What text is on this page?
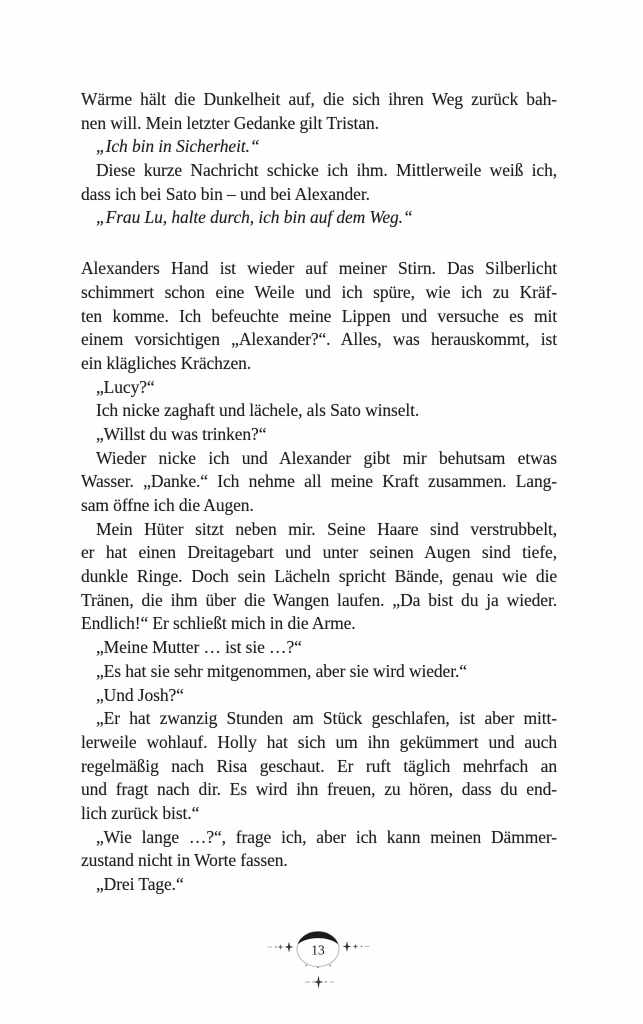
Wärme hält die Dunkelheit auf, die sich ihren Weg zurück bah-
nen will. Mein letzter Gedanke gilt Tristan.
„Ich bin in Sicherheit.“
Diese kurze Nachricht schicke ich ihm. Mittlerweile weiß ich,
dass ich bei Sato bin – und bei Alexander.
„Frau Lu, halte durch, ich bin auf dem Weg.“
Alexanders Hand ist wieder auf meiner Stirn. Das Silberlicht
schimmert schon eine Weile und ich spüre, wie ich zu Kräf-
ten komme. Ich befeuchte meine Lippen und versuche es mit
einem vorsichtigen „Alexander?“. Alles, was herauskommt, ist
ein klägliches Krächzen.
„Lucy?“
Ich nicke zaghaft und lächele, als Sato winselt.
„Willst du was trinken?“
Wieder nicke ich und Alexander gibt mir behutsam etwas
Wasser. „Danke.“ Ich nehme all meine Kraft zusammen. Lang-
sam öffne ich die Augen.
Mein Hüter sitzt neben mir. Seine Haare sind verstrubbelt,
er hat einen Dreitagebart und unter seinen Augen sind tiefe,
dunkle Ringe. Doch sein Lächeln spricht Bände, genau wie die
Tränen, die ihm über die Wangen laufen. „Da bist du ja wieder.
Endlich!“ Er schließt mich in die Arme.
„Meine Mutter … ist sie …?“
„Es hat sie sehr mitgenommen, aber sie wird wieder.“
„Und Josh?“
„Er hat zwanzig Stunden am Stück geschlafen, ist aber mitt-
lerweile wohlauf. Holly hat sich um ihn gekümmert und auch
regelmäßig nach Risa geschaut. Er ruft täglich mehrfach an
und fragt nach dir. Es wird ihn freuen, zu hören, dass du end-
lich zurück bist.“
„Wie lange …?“, frage ich, aber ich kann meinen Dämmer-
zustand nicht in Worte fassen.
„Drei Tage.“
13
